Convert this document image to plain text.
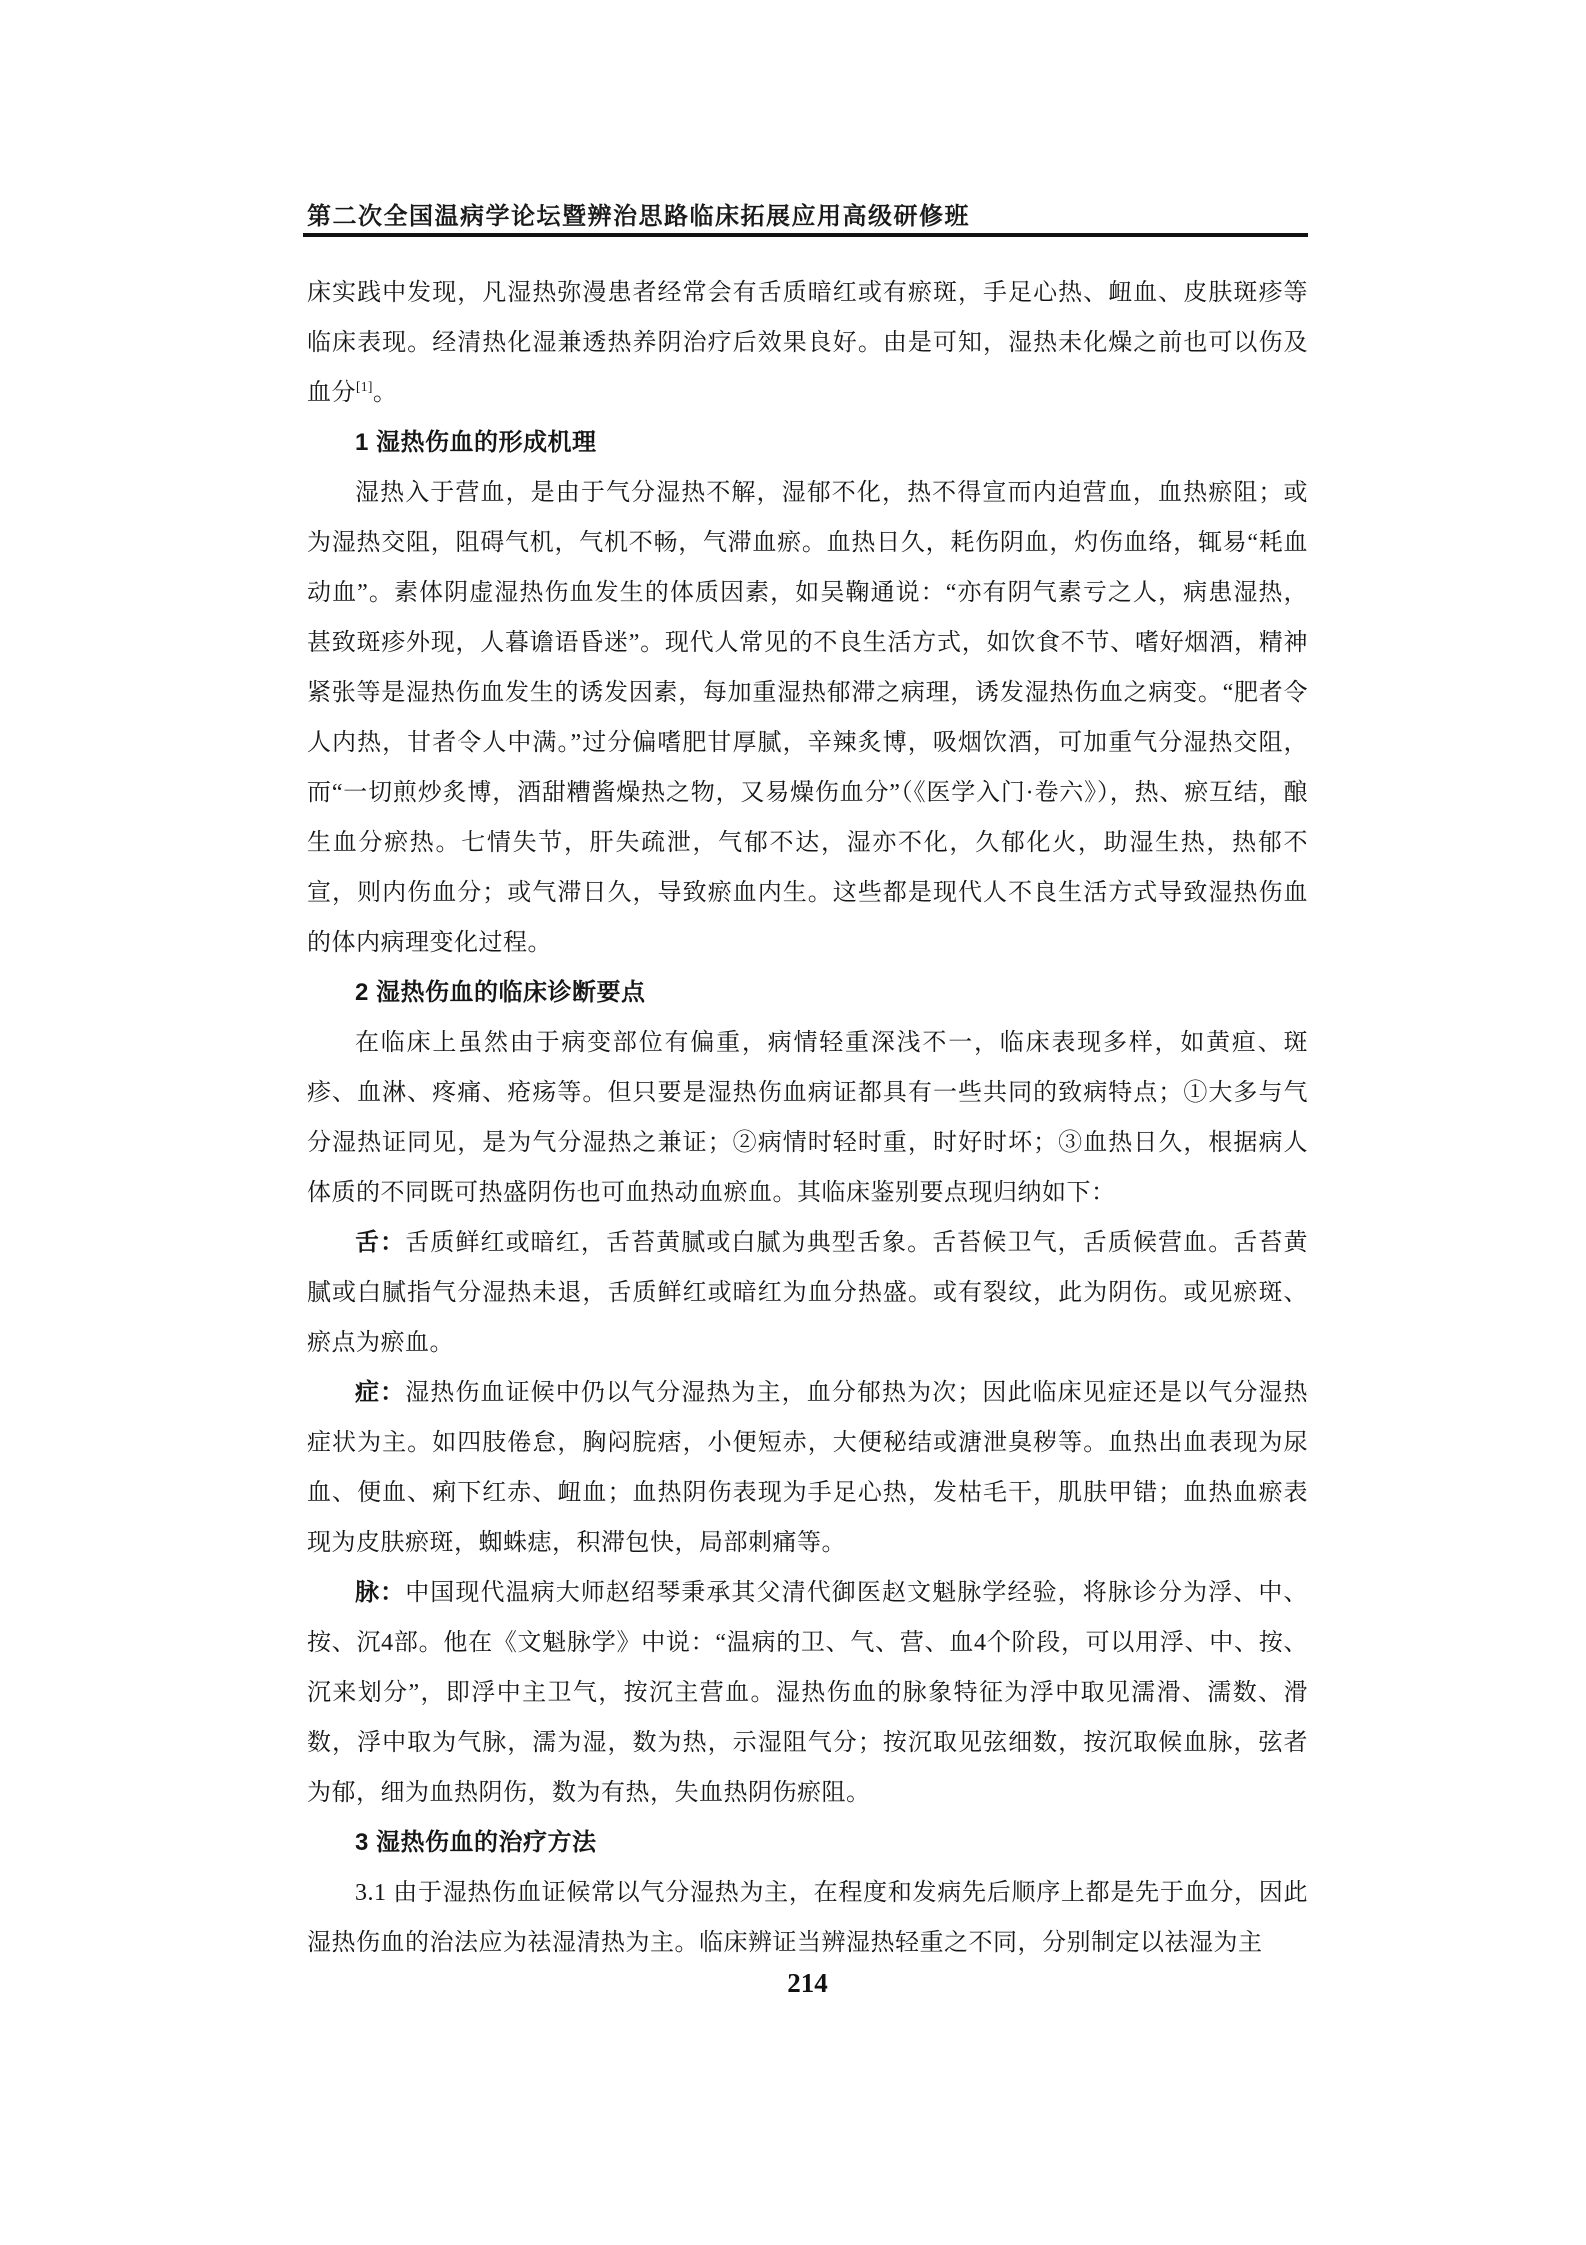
第二次全国温病学论坛暨辨治思路临床拓展应用高级研修班

床实践中发现，凡湿热弥漫患者经常会有舌质暗红或有瘀斑，手足心热、衄血、皮肤斑疹等临床表现。经清热化湿兼透热养阴治疗后效果良好。由是可知，湿热未化燥之前也可以伤及血分[1]。

1 湿热伤血的形成机理

湿热入于营血，是由于气分湿热不解，湿郁不化，热不得宣而内迫营血，血热瘀阻；或为湿热交阻，阻碍气机，气机不畅，气滞血瘀。血热日久，耗伤阴血，灼伤血络，辄易“耗血动血”。素体阴虚湿热伤血发生的体质因素，如吴鞠通说：“亦有阴气素亏之人，病患湿热，甚致斑疹外现，人暮谵语昏迷”。现代人常见的不良生活方式，如饮食不节、嗜好烟酒，精神紧张等是湿热伤血发生的诱发因素，每加重湿热郁滞之病理，诱发湿热伤血之病变。“肥者令人内热，甘者令人中满。”过分偏嗜肥甘厚腻，辛辣炙博，吸烟饮酒，可加重气分湿热交阻，而“一切煎炒炙博，酒甜糟酱燥热之物，又易燥伤血分”（《医学入门·卷六》），热、瘀互结，酿生血分瘀热。七情失节，肝失疏泄，气郁不达，湿亦不化，久郁化火，助湿生热，热郁不宣，则内伤血分；或气滞日久，导致瘀血内生。这些都是现代人不良生活方式导致湿热伤血的体内病理变化过程。

2 湿热伤血的临床诊断要点

在临床上虽然由于病变部位有偏重，病情轻重深浅不一，临床表现多样，如黄疸、斑疹、血淋、疼痛、疮疡等。但只要是湿热伤血病证都具有一些共同的致病特点；①大多与气分湿热证同见，是为气分湿热之兼证；②病情时轻时重，时好时坏；③血热日久，根据病人体质的不同既可热盛阴伤也可血热动血瘀血。其临床鉴别要点现归纳如下：

舌：舌质鲜红或暗红，舌苔黄腻或白腻为典型舌象。舌苔候卫气，舌质候营血。舌苔黄腻或白腻指气分湿热未退，舌质鲜红或暗红为血分热盛。或有裂纹，此为阴伤。或见瘀斑、瘀点为瘀血。

症：湿热伤血证候中仍以气分湿热为主，血分郁热为次；因此临床见症还是以气分湿热症状为主。如四肢倦怠，胸闷脘痞，小便短赤，大便秘结或溏泄臭秽等。血热出血表现为尿血、便血、痢下红赤、衄血；血热阴伤表现为手足心热，发枯毛干，肌肤甲错；血热血瘀表现为皮肤瘀斑，蜘蛛痣，积滞包快，局部刺痛等。

脉：中国现代温病大师赵绍琴秉承其父清代御医赵文魁脉学经验，将脉诊分为浮、中、按、沉4部。他在《文魁脉学》中说：“温病的卫、气、营、血4个阶段，可以用浮、中、按、沉来划分”，即浮中主卫气，按沉主营血。湿热伤血的脉象特征为浮中取见濡滑、濡数、滑数，浮中取为气脉，濡为湿，数为热，示湿阻气分；按沉取见弦细数，按沉取候血脉，弦者为郁，细为血热阴伤，数为有热，失血热阴伤瘀阻。

3 湿热伤血的治疗方法

3.1 由于湿热伤血证候常以气分湿热为主，在程度和发病先后顺序上都是先于血分，因此湿热伤血的治法应为祛湿清热为主。临床辨证当辨湿热轻重之不同，分别制定以祛湿为主

214
